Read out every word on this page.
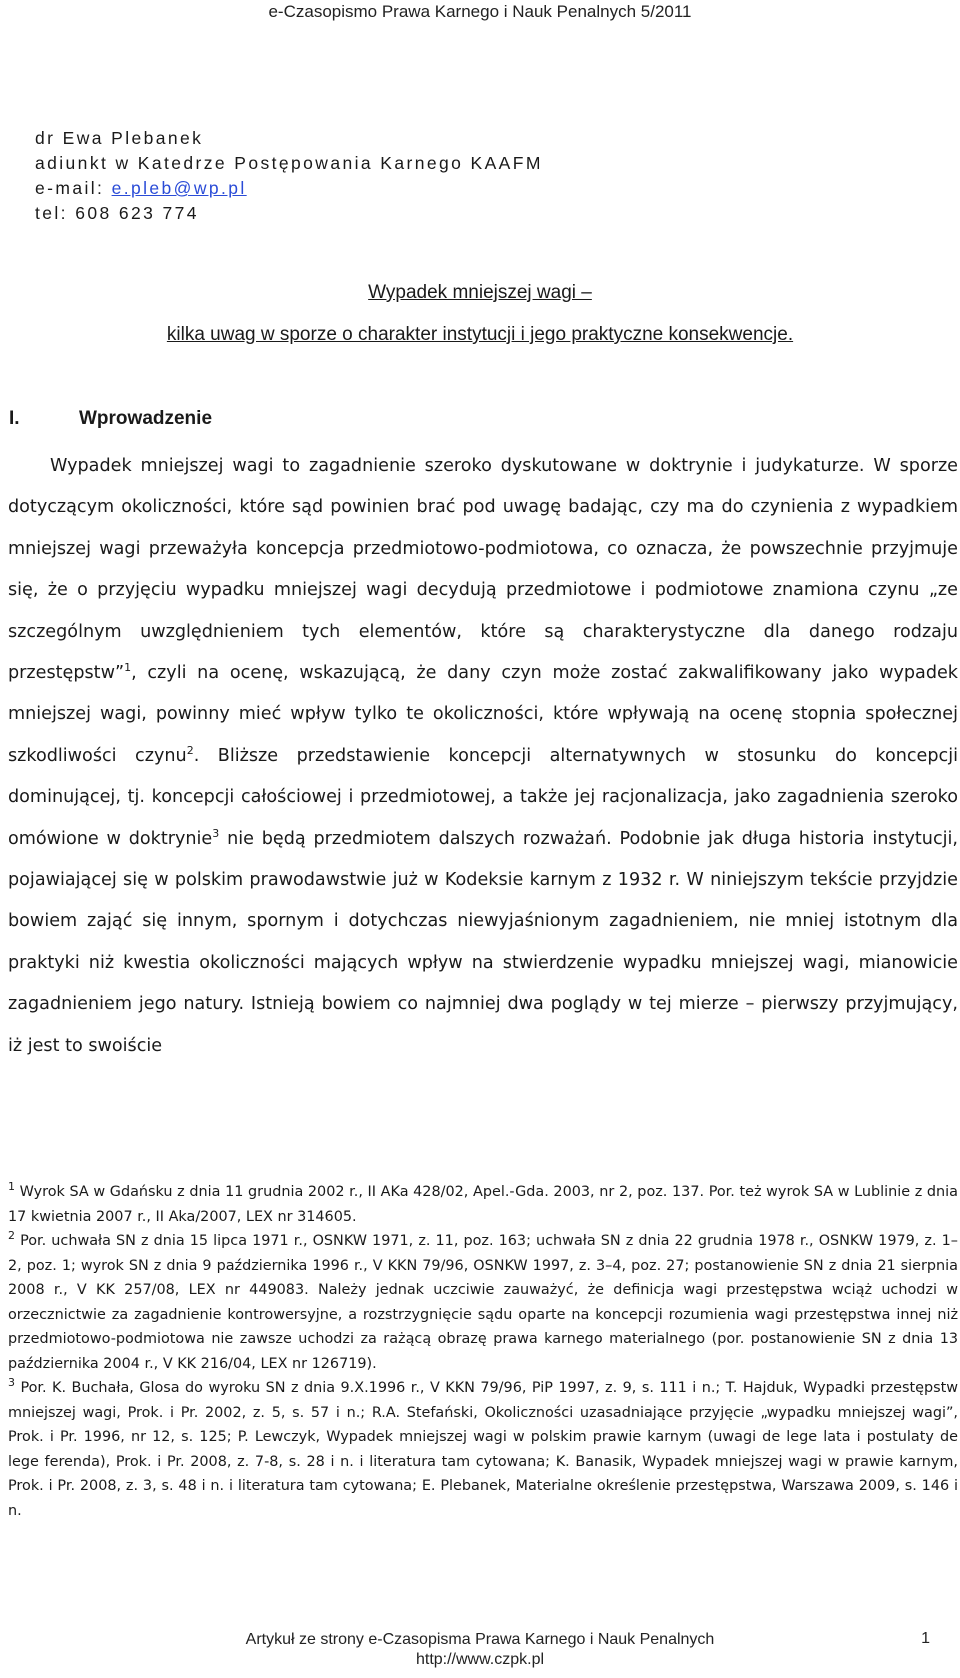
e-Czasopismo Prawa Karnego i Nauk Penalnych 5/2011
dr Ewa Plebanek
adiunkt w Katedrze Postępowania Karnego KAAFM
e-mail: e.pleb@wp.pl
tel: 608 623 774
Wypadek mniejszej wagi –
kilka uwag w sporze o charakter instytucji i jego praktyczne konsekwencje.
I.	Wprowadzenie

Wypadek mniejszej wagi to zagadnienie szeroko dyskutowane w doktrynie i judykaturze. W sporze dotyczącym okoliczności, które sąd powinien brać pod uwagę badając, czy ma do czynienia z wypadkiem mniejszej wagi przeważyła koncepcja przedmiotowo-podmiotowa, co oznacza, że powszechnie przyjmuje się, że o przyjęciu wypadku mniejszej wagi decydują przedmiotowe i podmiotowe znamiona czynu „ze szczególnym uwzględnieniem tych elementów, które są charakterystyczne dla danego rodzaju przestępstw”$^1$, czyli na ocenę, wskazującą, że dany czyn może zostać zakwalifikowany jako wypadek mniejszej wagi, powinny mieć wpływ tylko te okoliczności, które wpływają na ocenę stopnia społecznej szkodliwości czynu$^2$. Bliższe przedstawienie koncepcji alternatywnych w stosunku do koncepcji dominującej, tj. koncepcji całościowej i przedmiotowej, a także jej racjonalizacja, jako zagadnienia szeroko omówione w doktrynie$^3$ nie będą przedmiotem dalszych rozważań. Podobnie jak długa historia instytucji, pojawiającej się w polskim prawodawstwie już w Kodeksie karnym z 1932 r. W niniejszym tekście przyjdzie bowiem zająć się innym, spornym i dotychczas niewyjaśnionym zagadnieniem, nie mniej istotnym dla praktyki niż kwestia okoliczności mających wpływ na stwierdzenie wypadku mniejszej wagi, mianowicie zagadnieniem jego natury. Istnieją bowiem co najmniej dwa poglądy w tej mierze – pierwszy przyjmujący, iż jest to swoiście

$^1$ Wyrok SA w Gdańsku z dnia 11 grudnia 2002 r., II AKa 428/02, Apel.-Gda. 2003, nr 2, poz. 137. Por. też wyrok SA w Lublinie z dnia 17 kwietnia 2007 r., II Aka/2007, LEX nr 314605.

$^2$ Por. uchwała SN z dnia 15 lipca 1971 r., OSNKW 1971, z. 11, poz. 163; uchwała SN z dnia 22 grudnia 1978 r., OSNKW 1979, z. 1–2, poz. 1; wyrok SN z dnia 9 października 1996 r., V KKN 79/96, OSNKW 1997, z. 3–4, poz. 27; postanowienie SN z dnia 21 sierpnia 2008 r., V KK 257/08, LEX nr 449083. Należy jednak uczciwie zauważyć, że definicja wagi przestępstwa wciąż uchodzi w orzecznictwie za zagadnienie kontrowersyjne, a rozstrzygnięcie sądu oparte na koncepcji rozumienia wagi przestępstwa innej niż przedmiotowo-podmiotowa nie zawsze uchodzi za rażącą obrazę prawa karnego materialnego (por. postanowienie SN z dnia 13 października 2004 r., V KK 216/04, LEX nr 126719).

$^3$ Por. K. Buchała, Glosa do wyroku SN z dnia 9.X.1996 r., V KKN 79/96, PiP 1997, z. 9, s. 111 i n.; T. Hajduk, Wypadki przestępstw mniejszej wagi, Prok. i Pr. 2002, z. 5, s. 57 i n.; R.A. Stefański, Okoliczności uzasadniające przyjęcie „wypadku mniejszej wagi”, Prok. i Pr. 1996, nr 12, s. 125; P. Lewczyk, Wypadek mniejszej wagi w polskim prawie karnym (uwagi de lege lata i postulaty de lege ferenda), Prok. i Pr. 2008, z. 7-8, s. 28 i n. i literatura tam cytowana; K. Banasik, Wypadek mniejszej wagi w prawie karnym, Prok. i Pr. 2008, z. 3, s. 48 i n. i literatura tam cytowana; E. Plebanek, Materialne określenie przestępstwa, Warszawa 2009, s. 146 i n.

Artykuł ze strony e-Czasopisma Prawa Karnego i Nauk Penalnych
http://www.czpk.pl
1
